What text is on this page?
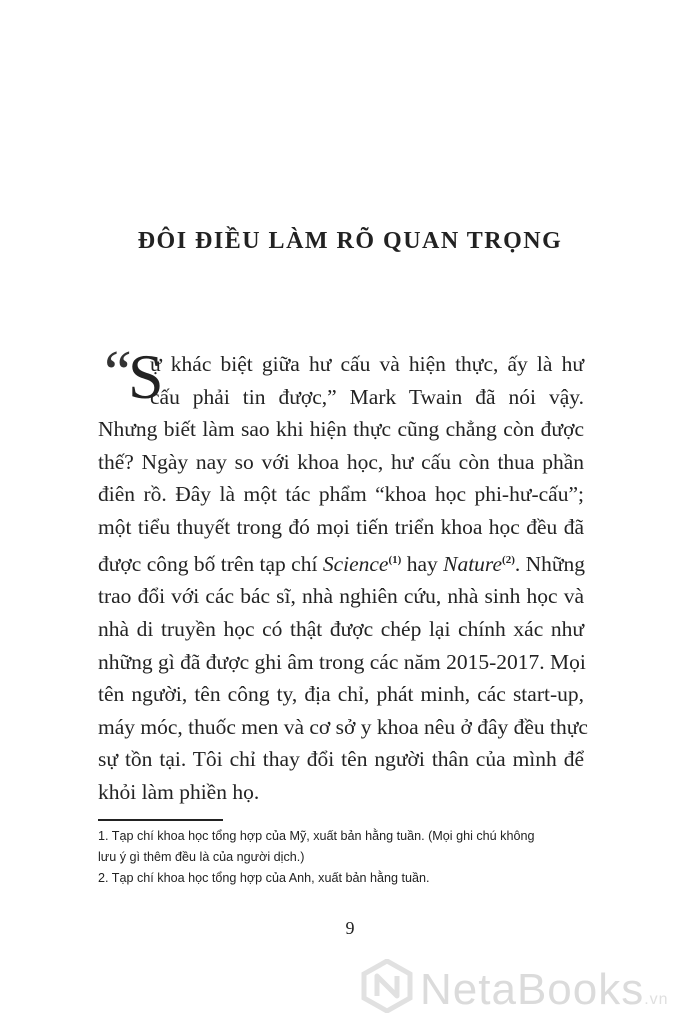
ĐÔI ĐIỀU LÀM RÕ QUAN TRỌNG
“
S
ự khác biệt giữa hư cấu và hiện thực, ấy là hư
cấu phải tin được,” Mark Twain đã nói vậy.
Nhưng biết làm sao khi hiện thực cũng chẳng còn được
thế? Ngày nay so với khoa học, hư cấu còn thua phần
điên rồ. Đây là một tác phẩm “khoa học phi-hư-cấu”;
một tiểu thuyết trong đó mọi tiến triển khoa học đều đã
được công bố trên tạp chí Science$^{(1)}$ hay Nature$^{(2)}$. Những
trao đổi với các bác sĩ, nhà nghiên cứu, nhà sinh học và
nhà di truyền học có thật được chép lại chính xác như
những gì đã được ghi âm trong các năm 2015-2017. Mọi
tên người, tên công ty, địa chỉ, phát minh, các start-up,
máy móc, thuốc men và cơ sở y khoa nêu ở đây đều thực
sự tồn tại. Tôi chỉ thay đổi tên người thân của mình để
khỏi làm phiền họ.
1. Tạp chí khoa học tổng hợp của Mỹ, xuất bản hằng tuần. (Mọi ghi chú không
lưu ý gì thêm đều là của người dịch.)
2. Tạp chí khoa học tổng hợp của Anh, xuất bản hằng tuần.
9
NetaBooks.vn
